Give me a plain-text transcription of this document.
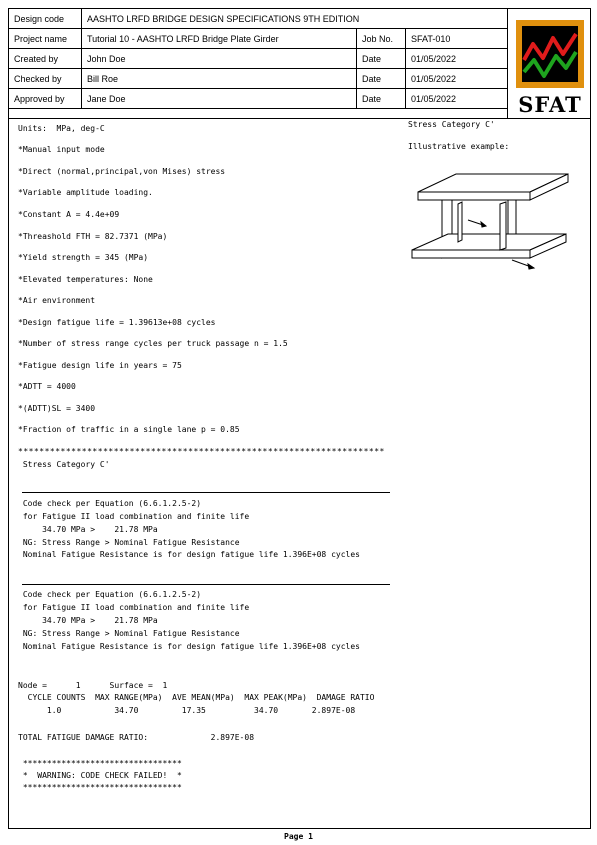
Design code	AASHTO LRFD BRIDGE DESIGN SPECIFICATIONS 9TH EDITION		
Project name	Tutorial 10 - AASHTO LRFD Bridge Plate Girder	Job No.	SFAT-010
Created by	John Doe	Date	01/05/2022
Checked by	Bill Roe	Date	01/05/2022
Approved by	Jane Doe	Date	01/05/2022	SFAT
Stress Category C'
Illustrative example:
Units:  MPa, deg-C
*Manual input mode
*Direct (normal,principal,von Mises) stress
*Variable amplitude loading.
*Constant A = 4.4e+09
*Threashold FTH = 82.7371 (MPa)
*Yield strength = 345 (MPa)
*Elevated temperatures: None
*Air environment
*Design fatigue life = 1.39613e+08 cycles
*Number of stress range cycles per truck passage n = 1.5
*Fatigue design life in years = 75
*ADTT = 4000
*(ADTT)SL = 3400
*Fraction of traffic in a single lane p = 0.85
*********************************************************************
Stress Category C'
Code check per Equation (6.6.1.2.5-2)
for Fatigue II load combination and finite life
34.70 MPa >    21.78 MPa
NG: Stress Range > Nominal Fatigue Resistance
Nominal Fatigue Resistance is for design fatigue life 1.396E+08 cycles
Code check per Equation (6.6.1.2.5-2)
for Fatigue II load combination and finite life
34.70 MPa >    21.78 MPa
NG: Stress Range > Nominal Fatigue Resistance
Nominal Fatigue Resistance is for design fatigue life 1.396E+08 cycles
Node =      1      Surface =  1
CYCLE COUNTS  MAX RANGE(MPa)  AVE MEAN(MPa)  MAX PEAK(MPa)  DAMAGE RATIO
1.0           34.70         17.35          34.70       2.897E-08
TOTAL FATIGUE DAMAGE RATIO:             2.897E-08
*********************************
*  WARNING: CODE CHECK FAILED!  *
*********************************
Page 1
